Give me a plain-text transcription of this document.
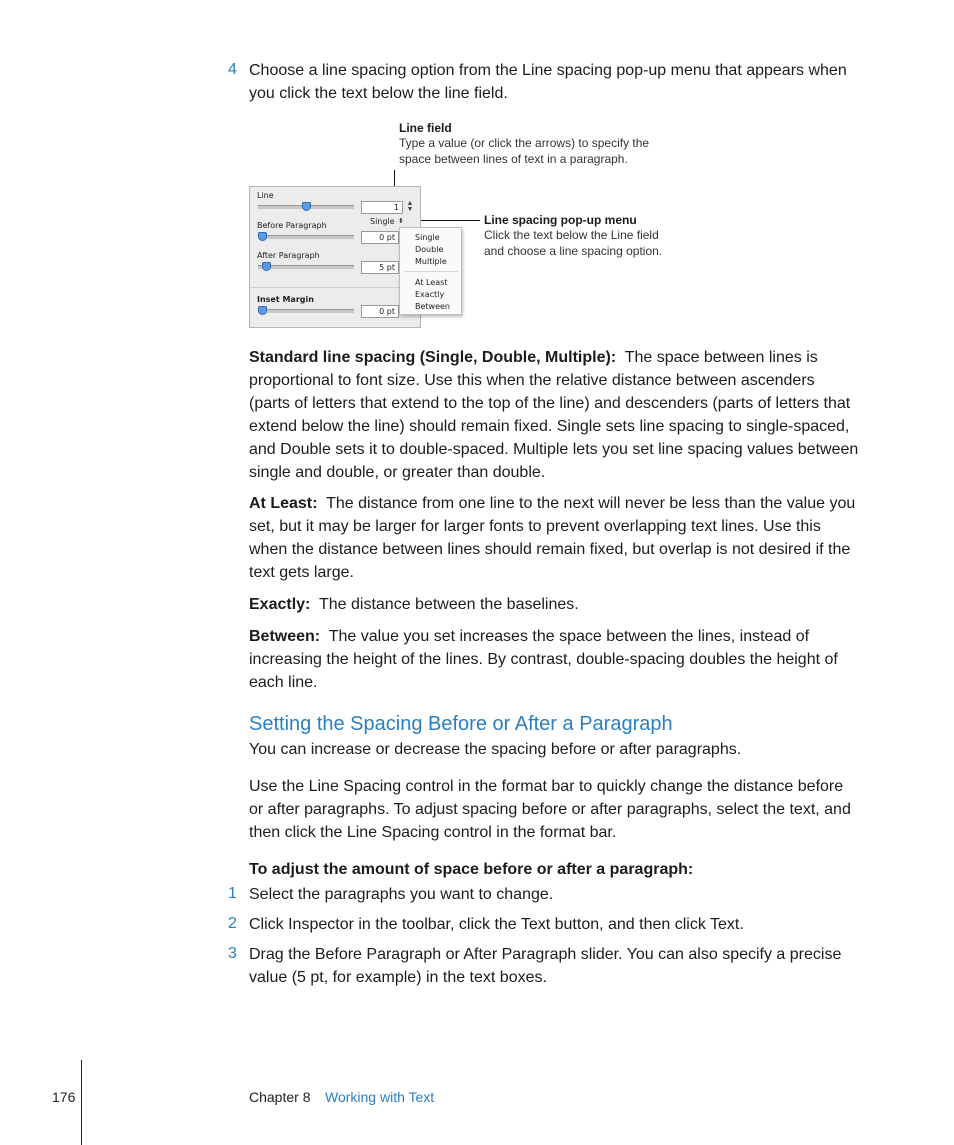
4 Choose a line spacing option from the Line spacing pop-up menu that appears when
you click the text below the line field.
Line field
Type a value (or click the arrows) to specify the
space between lines of text in a paragraph.
Line spacing pop-up menu
Click the text below the Line field
and choose a line spacing option.
Line
1	▲
▼
Single ⬍
Before Paragraph
0 pt
After Paragraph
5 pt
Inset Margin
0 pt
Single
Double
Multiple
At Least
Exactly
Between
Standard line spacing (Single, Double, Multiple): The space between lines is
proportional to font size. Use this when the relative distance between ascenders
(parts of letters that extend to the top of the line) and descenders (parts of letters that
extend below the line) should remain fixed. Single sets line spacing to single-spaced,
and Double sets it to double-spaced. Multiple lets you set line spacing values between
single and double, or greater than double.
At Least: The distance from one line to the next will never be less than the value you
set, but it may be larger for larger fonts to prevent overlapping text lines. Use this
when the distance between lines should remain fixed, but overlap is not desired if the
text gets large.
Exactly: The distance between the baselines.
Between: The value you set increases the space between the lines, instead of
increasing the height of the lines. By contrast, double-spacing doubles the height of
each line.
Setting the Spacing Before or After a Paragraph
You can increase or decrease the spacing before or after paragraphs.
Use the Line Spacing control in the format bar to quickly change the distance before
or after paragraphs. To adjust spacing before or after paragraphs, select the text, and
then click the Line Spacing control in the format bar.
To adjust the amount of space before or after a paragraph:
1 Select the paragraphs you want to change.
2 Click Inspector in the toolbar, click the Text button, and then click Text.
3 Drag the Before Paragraph or After Paragraph slider. You can also specify a precise
value (5 pt, for example) in the text boxes.
176	Chapter 8 Working with Text
